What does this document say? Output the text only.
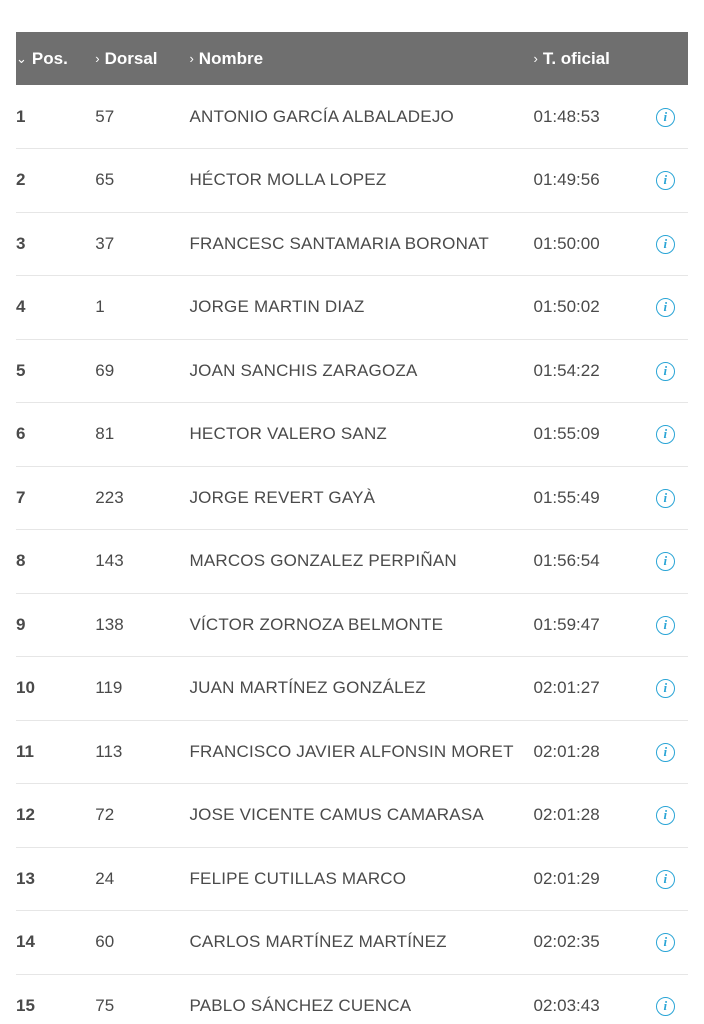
⌄ Pos.	› Dorsal	› Nombre	› T. oficial	

1	57	ANTONIO GARCÍA ALBALADEJO	01:48:53	i
2	65	HÉCTOR MOLLA LOPEZ	01:49:56	i
3	37	FRANCESC SANTAMARIA BORONAT	01:50:00	i
4	1	JORGE MARTIN DIAZ	01:50:02	i
5	69	JOAN SANCHIS ZARAGOZA	01:54:22	i
6	81	HECTOR VALERO SANZ	01:55:09	i
7	223	JORGE REVERT GAYÀ	01:55:49	i
8	143	MARCOS GONZALEZ PERPIÑAN	01:56:54	i
9	138	VÍCTOR ZORNOZA BELMONTE	01:59:47	i
10	119	JUAN MARTÍNEZ GONZÁLEZ	02:01:27	i
11	113	FRANCISCO JAVIER ALFONSIN MORET	02:01:28	i
12	72	JOSE VICENTE CAMUS CAMARASA	02:01:28	i
13	24	FELIPE CUTILLAS MARCO	02:01:29	i
14	60	CARLOS MARTÍNEZ MARTÍNEZ	02:02:35	i
15	75	PABLO SÁNCHEZ CUENCA	02:03:43	i
